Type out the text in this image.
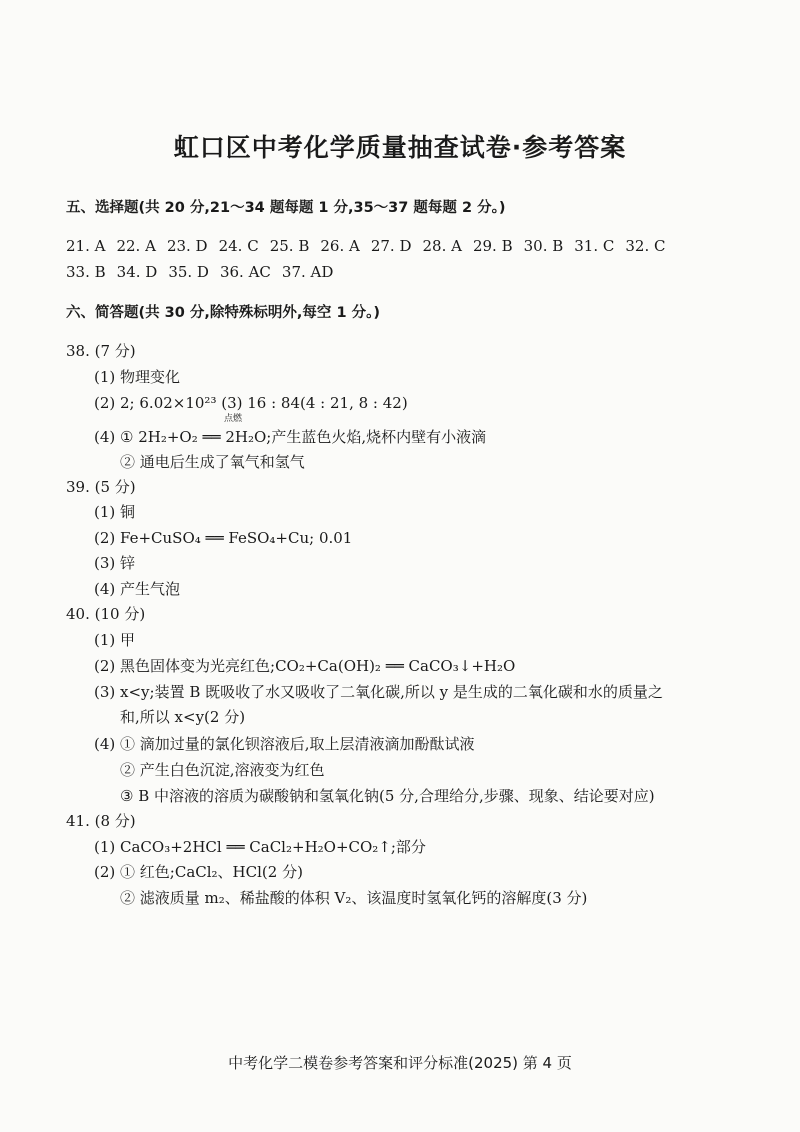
虹口区中考化学质量抽查试卷·参考答案
五、选择题(共 20 分,21～34 题每题 1 分,35～37 题每题 2 分。)
21. A 22. A 23. D 24. C 25. B 26. A 27. D 28. A 29. B 30. B 31. C 32. C
33. B 34. D 35. D 36. AC 37. AD
六、简答题(共 30 分,除特殊标明外,每空 1 分。)
38. (7 分)
(1) 物理变化
(2) 2; 6.02×10²³ (3) 16 : 84(4 : 21, 8 : 42)
(4) ① 2H₂+O₂ ══ 2H₂O;产生蓝色火焰,烧杯内壁有小液滴
点燃
② 通电后生成了氧气和氢气
39. (5 分)
(1) 铜
(2) Fe+CuSO₄ ══ FeSO₄+Cu; 0.01
(3) 锌
(4) 产生气泡
40. (10 分)
(1) 甲
(2) 黑色固体变为光亮红色;CO₂+Ca(OH)₂ ══ CaCO₃↓+H₂O
(3) x<y;装置 B 既吸收了水又吸收了二氧化碳,所以 y 是生成的二氧化碳和水的质量之
和,所以 x<y(2 分)
(4) ① 滴加过量的氯化钡溶液后,取上层清液滴加酚酞试液
② 产生白色沉淀,溶液变为红色
③ B 中溶液的溶质为碳酸钠和氢氧化钠(5 分,合理给分,步骤、现象、结论要对应)
41. (8 分)
(1) CaCO₃+2HCl ══ CaCl₂+H₂O+CO₂↑;部分
(2) ① 红色;CaCl₂、HCl(2 分)
② 滤液质量 m₂、稀盐酸的体积 V₂、该温度时氢氧化钙的溶解度(3 分)
中考化学二模卷参考答案和评分标准(2025) 第 4 页
